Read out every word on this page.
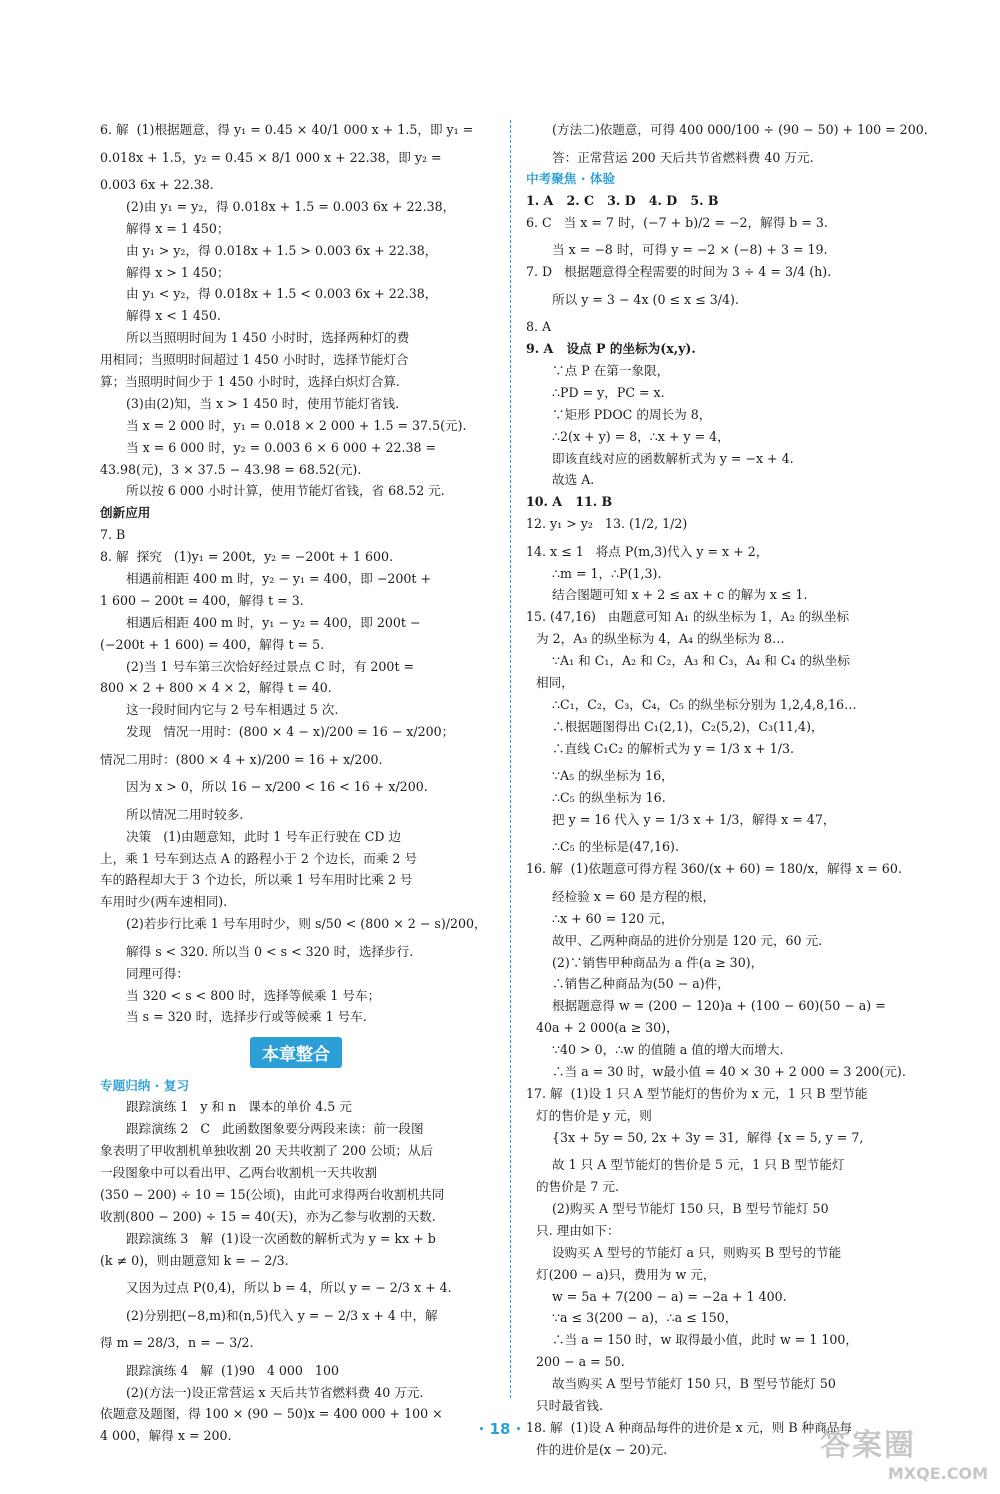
6. 解  (1)根据题意，得 y₁ = 0.45 × 40/1 000 x + 1.5，即 y₁ =
0.018x + 1.5，y₂ = 0.45 × 8/1 000 x + 22.38，即 y₂ =
0.003 6x + 22.38.
(2)由 y₁ = y₂，得 0.018x + 1.5 = 0.003 6x + 22.38，
解得 x = 1 450；
由 y₁ > y₂，得 0.018x + 1.5 > 0.003 6x + 22.38，
解得 x > 1 450；
由 y₁ < y₂，得 0.018x + 1.5 < 0.003 6x + 22.38，
解得 x < 1 450.
所以当照明时间为 1 450 小时时，选择两种灯的费
用相同；当照明时间超过 1 450 小时时，选择节能灯合
算；当照明时间少于 1 450 小时时，选择白炽灯合算.
(3)由(2)知，当 x > 1 450 时，使用节能灯省钱.
当 x = 2 000 时，y₁ = 0.018 × 2 000 + 1.5 = 37.5(元).
当 x = 6 000 时，y₂ = 0.003 6 × 6 000 + 22.38 =
43.98(元)，3 × 37.5 − 43.98 = 68.52(元).
所以按 6 000 小时计算，使用节能灯省钱，省 68.52 元.
创新应用
7. B
8. 解  探究   (1)y₁ = 200t，y₂ = −200t + 1 600.
相遇前相距 400 m 时，y₂ − y₁ = 400，即 −200t +
1 600 − 200t = 400，解得 t = 3.
相遇后相距 400 m 时，y₁ − y₂ = 400，即 200t −
(−200t + 1 600) = 400，解得 t = 5.
(2)当 1 号车第三次恰好经过景点 C 时，有 200t =
800 × 2 + 800 × 4 × 2，解得 t = 40.
这一段时间内它与 2 号车相遇过 5 次.
发现   情况一用时：(800 × 4 − x)/200 = 16 − x/200；
情况二用时：(800 × 4 + x)/200 = 16 + x/200.
因为 x > 0，所以 16 − x/200 < 16 < 16 + x/200.
所以情况二用时较多.
决策   (1)由题意知，此时 1 号车正行驶在 CD 边
上，乘 1 号车到达点 A 的路程小于 2 个边长，而乘 2 号
车的路程却大于 3 个边长，所以乘 1 号车用时比乘 2 号
车用时少(两车速相同).
(2)若步行比乘 1 号车用时少，则 s/50 < (800 × 2 − s)/200，
解得 s < 320. 所以当 0 < s < 320 时，选择步行.
同理可得：
当 320 < s < 800 时，选择等候乘 1 号车；
当 s = 320 时，选择步行或等候乘 1 号车.
本章整合
专题归纳 · 复习
跟踪演练 1   y 和 n   课本的单价 4.5 元
跟踪演练 2   C   此函数图象要分两段来读：前一段图
象表明了甲收割机单独收割 20 天共收割了 200 公顷；从后
一段图象中可以看出甲、乙两台收割机一天共收割
(350 − 200) ÷ 10 = 15(公顷)，由此可求得两台收割机共同
收割(800 − 200) ÷ 15 = 40(天)，亦为乙参与收割的天数.
跟踪演练 3   解  (1)设一次函数的解析式为 y = kx + b
(k ≠ 0)，则由题意知 k = − 2/3.
又因为过点 P(0,4)，所以 b = 4，所以 y = − 2/3 x + 4.
(2)分别把(−8,m)和(n,5)代入 y = − 2/3 x + 4 中，解
得 m = 28/3，n = − 3/2.
跟踪演练 4   解  (1)90   4 000   100
(2)(方法一)设正常营运 x 天后共节省燃料费 40 万元.
依题意及题图，得 100 × (90 − 50)x = 400 000 + 100 ×
4 000，解得 x = 200.
(方法二)依题意，可得 400 000/100 ÷ (90 − 50) + 100 = 200.
答：正常营运 200 天后共节省燃料费 40 万元.
中考聚焦 · 体验
1. A   2. C   3. D   4. D   5. B
6. C   当 x = 7 时，(−7 + b)/2 = −2，解得 b = 3.
当 x = −8 时，可得 y = −2 × (−8) + 3 = 19.
7. D   根据题意得全程需要的时间为 3 ÷ 4 = 3/4 (h).
所以 y = 3 − 4x (0 ≤ x ≤ 3/4).
8. A
9. A   设点 P 的坐标为(x,y).
∵点 P 在第一象限，
∴PD = y，PC = x.
∵矩形 PDOC 的周长为 8，
∴2(x + y) = 8，∴x + y = 4，
即该直线对应的函数解析式为 y = −x + 4.
故选 A.
10. A   11. B
12. y₁ > y₂   13. (1/2, 1/2)
14. x ≤ 1   将点 P(m,3)代入 y = x + 2，
∴m = 1，∴P(1,3).
结合图题可知 x + 2 ≤ ax + c 的解为 x ≤ 1.
15. (47,16)   由题意可知 A₁ 的纵坐标为 1，A₂ 的纵坐标
为 2，A₃ 的纵坐标为 4，A₄ 的纵坐标为 8…
∵A₁ 和 C₁，A₂ 和 C₂，A₃ 和 C₃，A₄ 和 C₄ 的纵坐标
相同，
∴C₁，C₂，C₃，C₄，C₅ 的纵坐标分别为 1,2,4,8,16…
∴根据题图得出 C₁(2,1)，C₂(5,2)，C₃(11,4)，
∴直线 C₁C₂ 的解析式为 y = 1/3 x + 1/3.
∵A₅ 的纵坐标为 16，
∴C₅ 的纵坐标为 16.
把 y = 16 代入 y = 1/3 x + 1/3，解得 x = 47，
∴C₅ 的坐标是(47,16).
16. 解  (1)依题意可得方程 360/(x + 60) = 180/x，解得 x = 60.
经检验 x = 60 是方程的根，
∴x + 60 = 120 元，
故甲、乙两种商品的进价分别是 120 元，60 元.
(2)∵销售甲种商品为 a 件(a ≥ 30)，
∴销售乙种商品为(50 − a)件，
根据题意得 w = (200 − 120)a + (100 − 60)(50 − a) =
40a + 2 000(a ≥ 30)，
∵40 > 0，∴w 的值随 a 值的增大而增大.
∴当 a = 30 时，w最小值 = 40 × 30 + 2 000 = 3 200(元).
17. 解  (1)设 1 只 A 型节能灯的售价为 x 元，1 只 B 型节能
灯的售价是 y 元，则
{3x + 5y = 50, 2x + 3y = 31,  解得 {x = 5, y = 7,
故 1 只 A 型节能灯的售价是 5 元，1 只 B 型节能灯
的售价是 7 元.
(2)购买 A 型号节能灯 150 只，B 型号节能灯 50
只. 理由如下：
设购买 A 型号的节能灯 a 只，则购买 B 型号的节能
灯(200 − a)只，费用为 w 元，
w = 5a + 7(200 − a) = −2a + 1 400.
∵a ≤ 3(200 − a)，∴a ≤ 150，
∴当 a = 150 时，w 取得最小值，此时 w = 1 100，
200 − a = 50.
故当购买 A 型号节能灯 150 只，B 型号节能灯 50
只时最省钱.
18. 解  (1)设 A 种商品每件的进价是 x 元，则 B 种商品每
件的进价是(x − 20)元.
· 18 ·	答案圈
MXQE.COM
